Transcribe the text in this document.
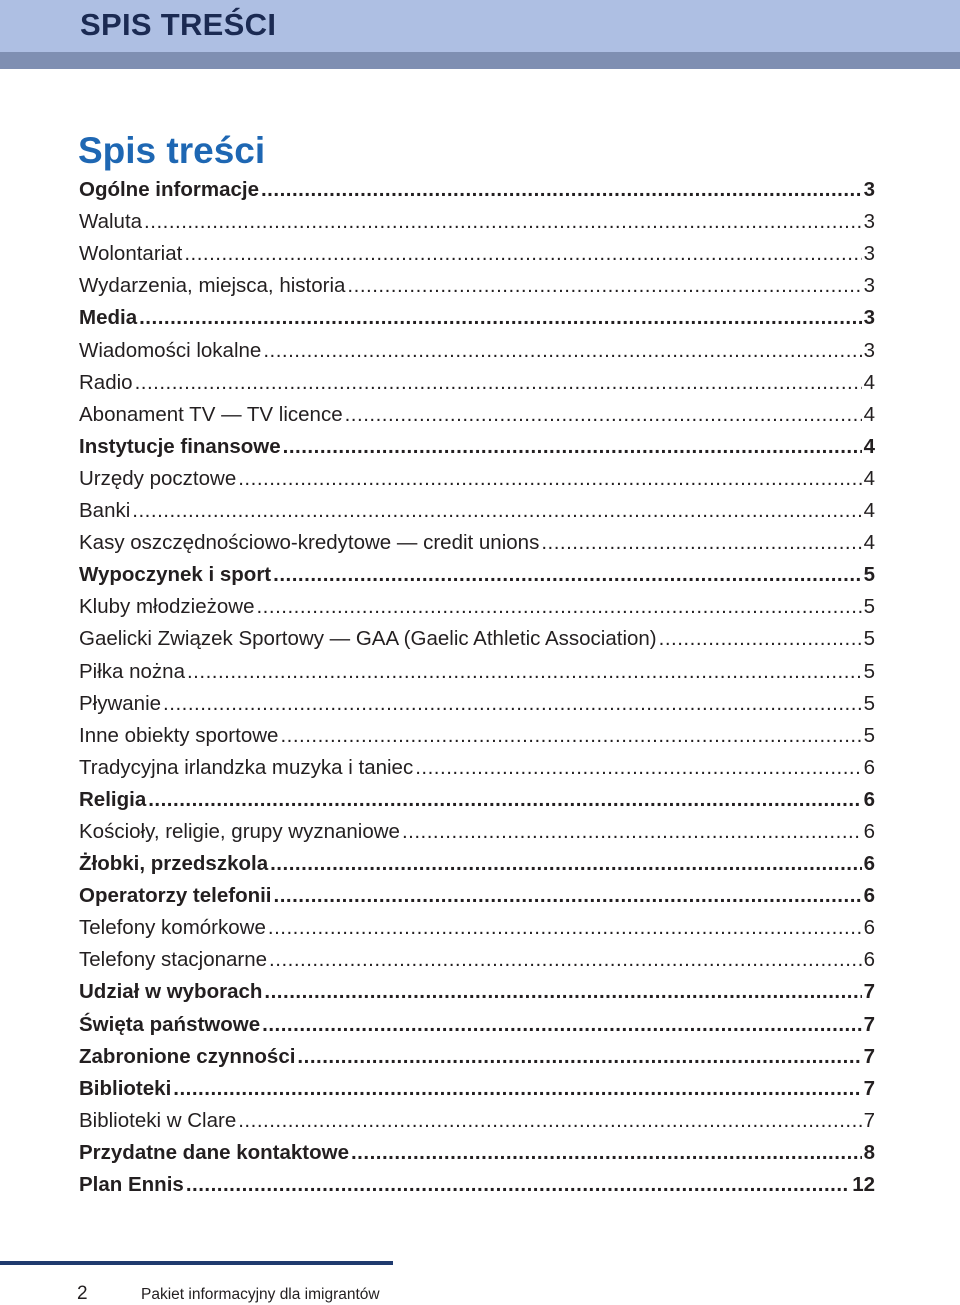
SPIS TREŚCI
Spis treści
Ogólne informacje .....	3
Waluta .....	3
Wolontariat .....	3
Wydarzenia, miejsca, historia .....	3
Media .....	3
Wiadomości lokalne .....	3
Radio .....	4
Abonament TV — TV licence .....	4
Instytucje finansowe .....	4
Urzędy pocztowe .....	4
Banki .....	4
Kasy oszczędnościowo-kredytowe — credit unions .....	4
Wypoczynek i sport .....	5
Kluby młodzieżowe .....	5
Gaelicki Związek Sportowy — GAA (Gaelic Athletic Association) .....	5
Piłka nożna .....	5
Pływanie .....	5
Inne obiekty sportowe .....	5
Tradycyjna irlandzka muzyka i taniec .....	6
Religia .....	6
Kościoły, religie, grupy wyznaniowe .....	6
Żłobki, przedszkola .....	6
Operatorzy telefonii .....	6
Telefony komórkowe .....	6
Telefony stacjonarne .....	6
Udział w wyborach .....	7
Święta państwowe .....	7
Zabronione czynności .....	7
Biblioteki .....	7
Biblioteki w Clare .....	7
Przydatne dane kontaktowe .....	8
Plan Ennis .....	12
2	Pakiet informacyjny dla imigrantów
